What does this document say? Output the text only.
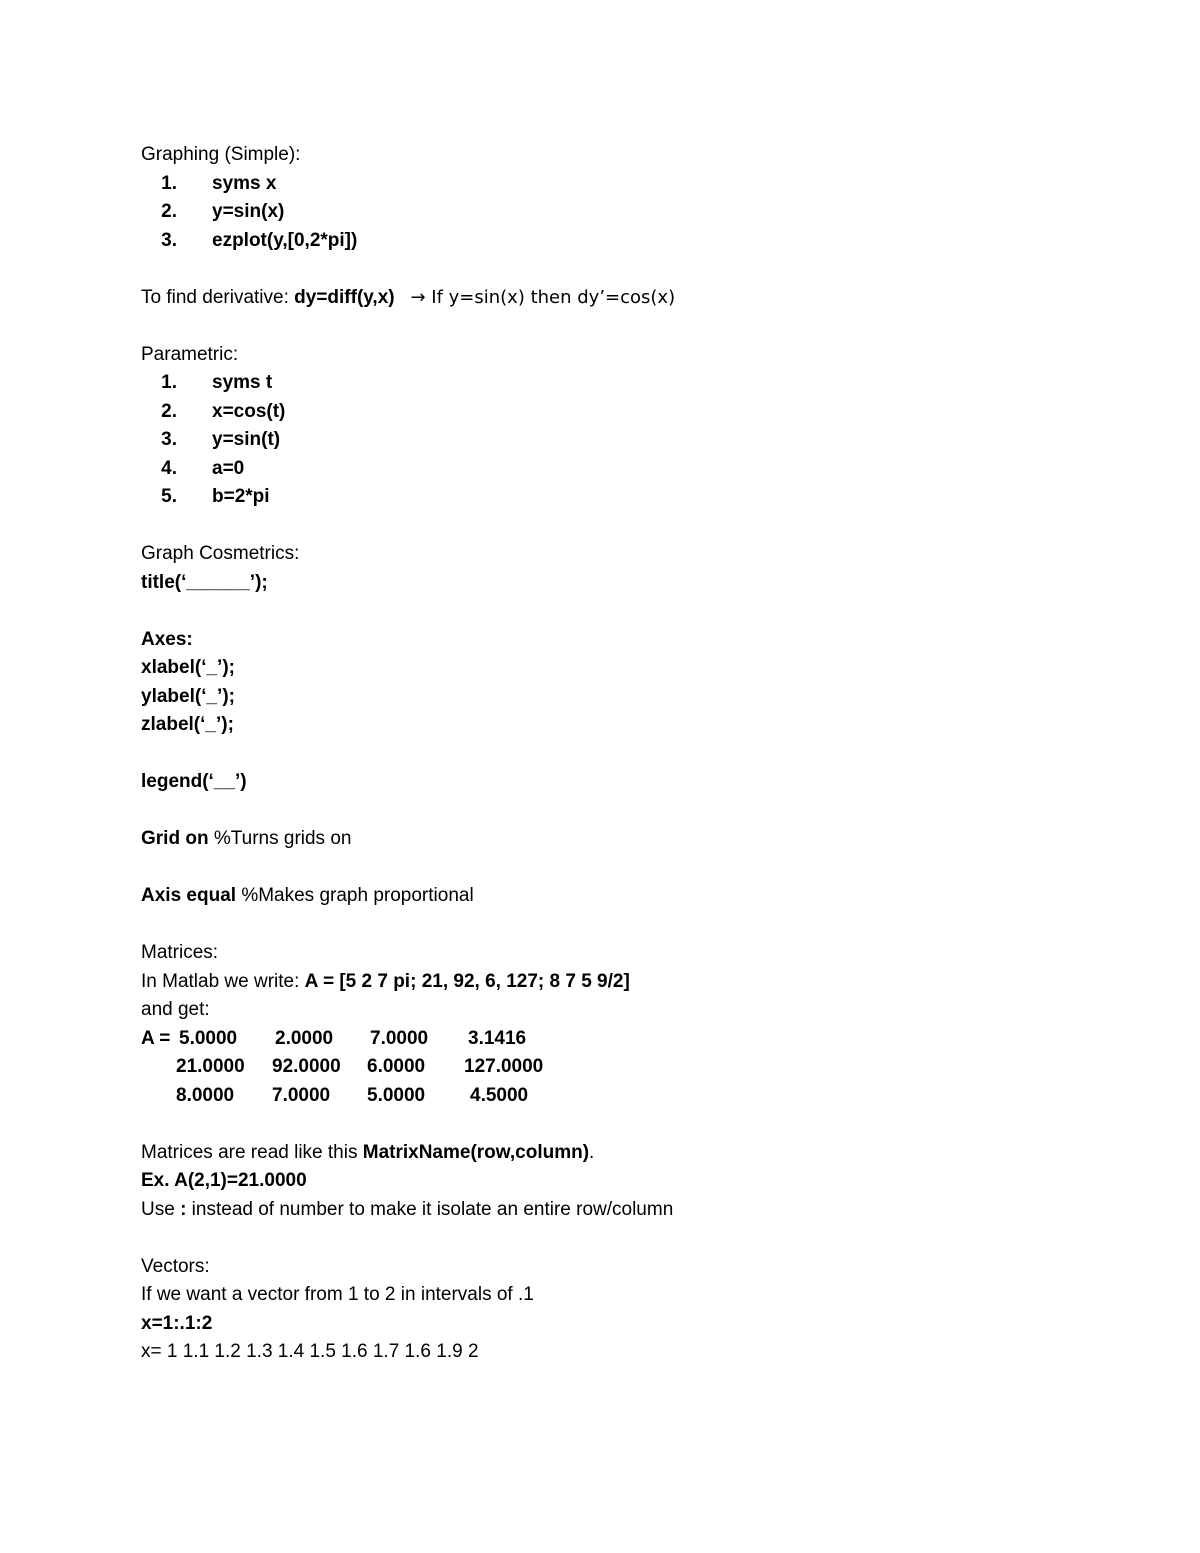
Graphing (Simple):
1. syms x
2. y=sin(x)
3. ezplot(y,[0,2*pi])
To find derivative: dy=diff(y,x) → If y=sin(x) then dy’=cos(x)
Parametric:
1. syms t
2. x=cos(t)
3. y=sin(t)
4. a=0
5. b=2*pi
Graph Cosmetrics:
title(‘______’);
Axes:
xlabel(‘_’);
ylabel(‘_’);
zlabel(‘_’);
legend(‘__’)
Grid on %Turns grids on
Axis equal %Makes graph proportional
Matrices:
In Matlab we write: A = [5 2 7 pi; 21, 92, 6, 127; 8 7 5 9/2]
and get:
A = 5.0000 2.0000 7.0000 3.1416
21.0000 92.0000 6.0000 127.0000
8.0000 7.0000 5.0000 4.5000
Matrices are read like this MatrixName(row,column).
Ex. A(2,1)=21.0000
Use : instead of number to make it isolate an entire row/column
Vectors:
If we want a vector from 1 to 2 in intervals of .1
x=1:.1:2
x= 1 1.1 1.2 1.3 1.4 1.5 1.6 1.7 1.6 1.9 2
